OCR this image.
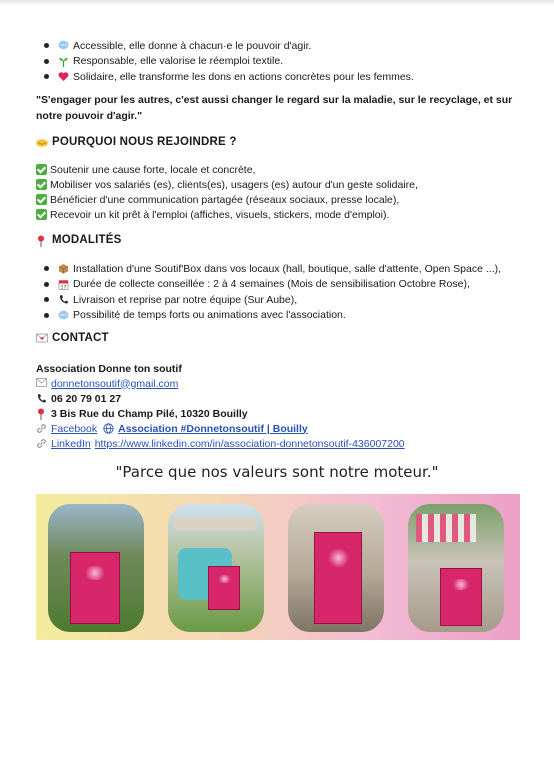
Accessible, elle donne à chacun·e le pouvoir d'agir.
Responsable, elle valorise le réemploi textile.
Solidaire, elle transforme les dons en actions concrètes pour les femmes.
"S'engager pour les autres, c'est aussi changer le regard sur la maladie, sur le recyclage, et sur notre pouvoir d'agir."
POURQUOI NOUS REJOINDRE ?
Soutenir une cause forte, locale et concrète,
Mobiliser vos salariés (es), clients(es), usagers (es) autour d'un geste solidaire,
Bénéficier d'une communication partagée (réseaux sociaux, presse locale),
Recevoir un kit prêt à l'emploi (affiches, visuels, stickers, mode d'emploi).
MODALITÉS
Installation d'une Soutif'Box dans vos locaux (hall, boutique, salle d'attente, Open Space ...),
17 Durée de collecte conseillée : 2 à 4 semaines (Mois de sensibilisation Octobre Rose),
Livraison et reprise par notre équipe (Sur Aube),
Possibilité de temps forts ou animations avec l'association.
CONTACT
Association Donne ton soutif
donnetonsoutif@gmail.com
06 20 79 01 27
3 Bis Rue du Champ Pilé, 10320 Bouilly
Facebook Association #Donnetonsoutif | Bouilly
LinkedIn https://www.linkedin.com/in/association-donnetonsoutif-436007200
"Parce que nos valeurs sont notre moteur."
